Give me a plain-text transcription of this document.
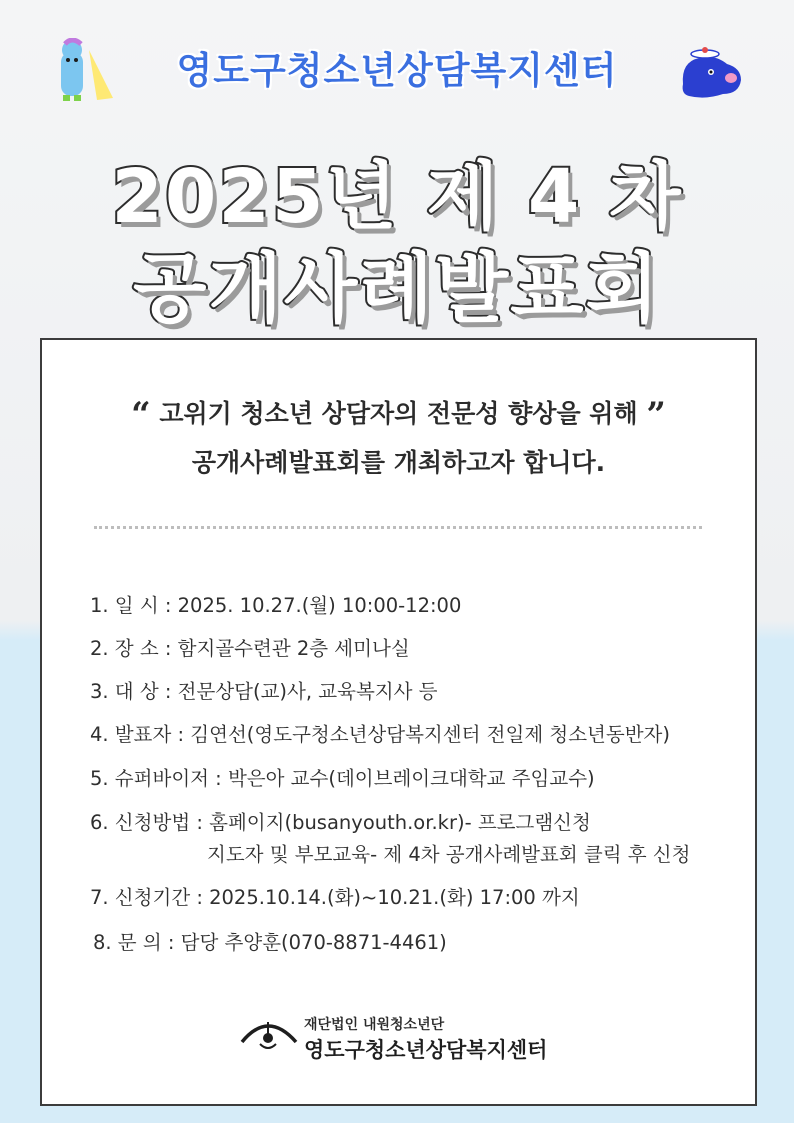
영도구청소년상담복지센터
2025년 제 4 차
공개사례발표회
“ 고위기 청소년 상담자의 전문성 향상을 위해 ”
공개사례발표회를 개최하고자 합니다.
1. 일 시 : 2025. 10.27.(월) 10:00-12:00
2. 장 소 : 함지골수련관 2층 세미나실
3. 대 상 : 전문상담(교)사, 교육복지사 등
4. 발표자 : 김연선(영도구청소년상담복지센터 전일제 청소년동반자)
5. 슈퍼바이저 : 박은아 교수(데이브레이크대학교 주임교수)
6. 신청방법 : 홈페이지(busanyouth.or.kr)- 프로그램신청
지도자 및 부모교육- 제 4차 공개사례발표회 클릭 후 신청
7. 신청기간 : 2025.10.14.(화)~10.21.(화) 17:00 까지
8. 문 의 : 담당 추양훈(070-8871-4461)
재단법인 내원청소년단
영도구청소년상담복지센터
